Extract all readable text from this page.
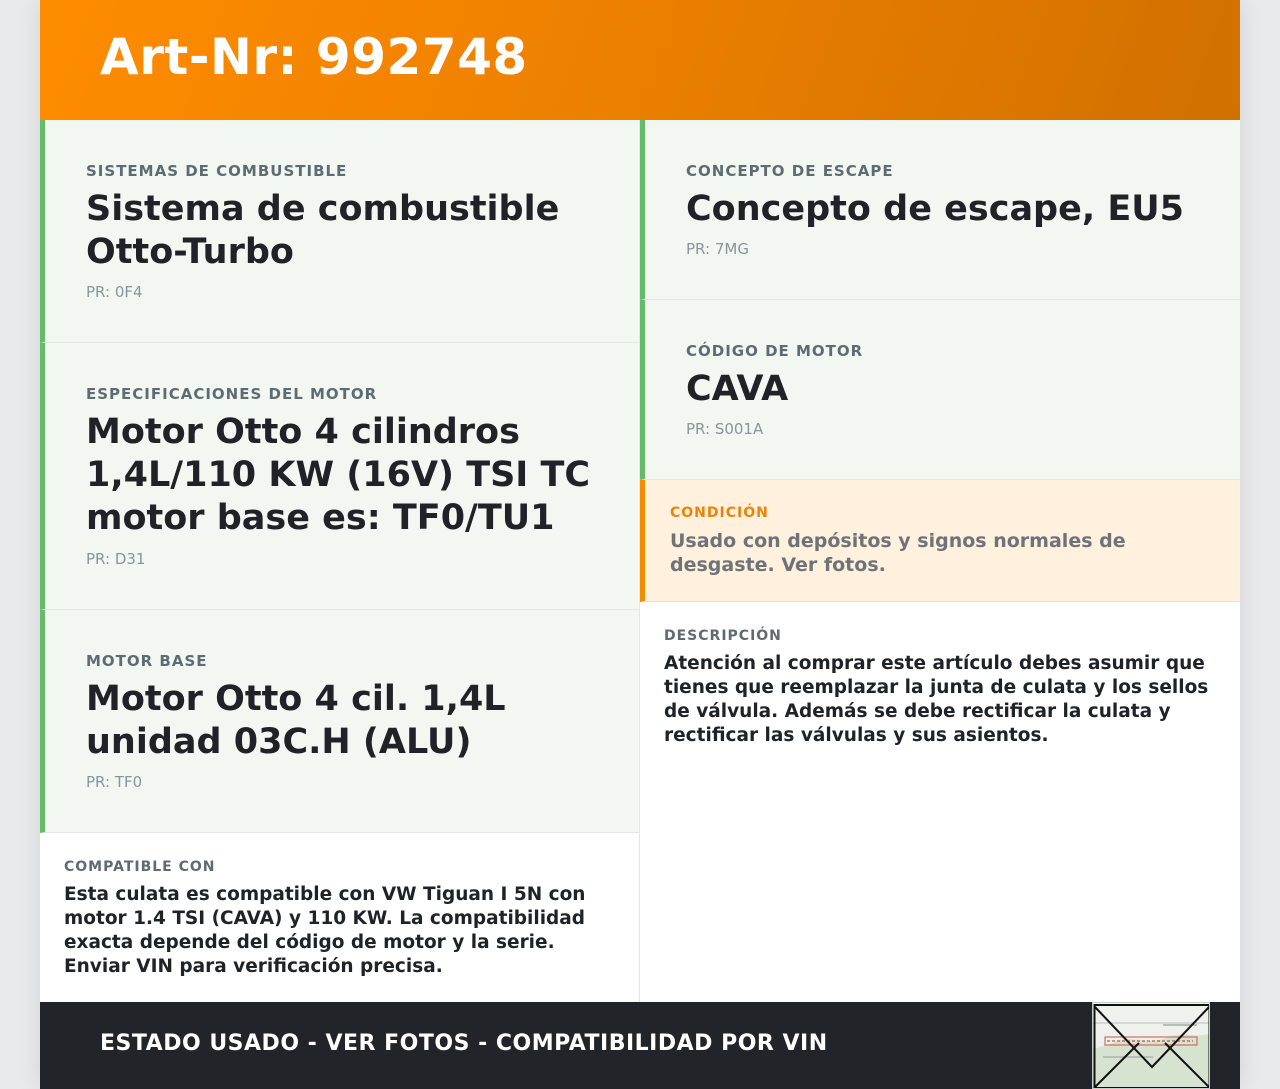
Art-Nr: 992748
SISTEMAS DE COMBUSTIBLE
Sistema de combustible Otto-Turbo
PR: 0F4
ESPECIFICACIONES DEL MOTOR
Motor Otto 4 cilindros 1,4L/110 KW (16V) TSI TC motor base es: TF0/TU1
PR: D31
MOTOR BASE
Motor Otto 4 cil. 1,4L unidad 03C.H (ALU)
PR: TF0
COMPATIBLE CON
Esta culata es compatible con VW Tiguan I 5N con motor 1.4 TSI (CAVA) y 110 KW. La compatibilidad exacta depende del código de motor y la serie. Enviar VIN para verificación precisa.
CONCEPTO DE ESCAPE
Concepto de escape, EU5
PR: 7MG
CÓDIGO DE MOTOR
CAVA
PR: S001A
CONDICIÓN
Usado con depósitos y signos normales de desgaste. Ver fotos.
DESCRIPCIÓN
Atención al comprar este artículo debes asumir que tienes que reemplazar la junta de culata y los sellos de válvula. Además se debe rectificar la culata y rectificar las válvulas y sus asientos.
ESTADO USADO - VER FOTOS - COMPATIBILIDAD POR VIN
